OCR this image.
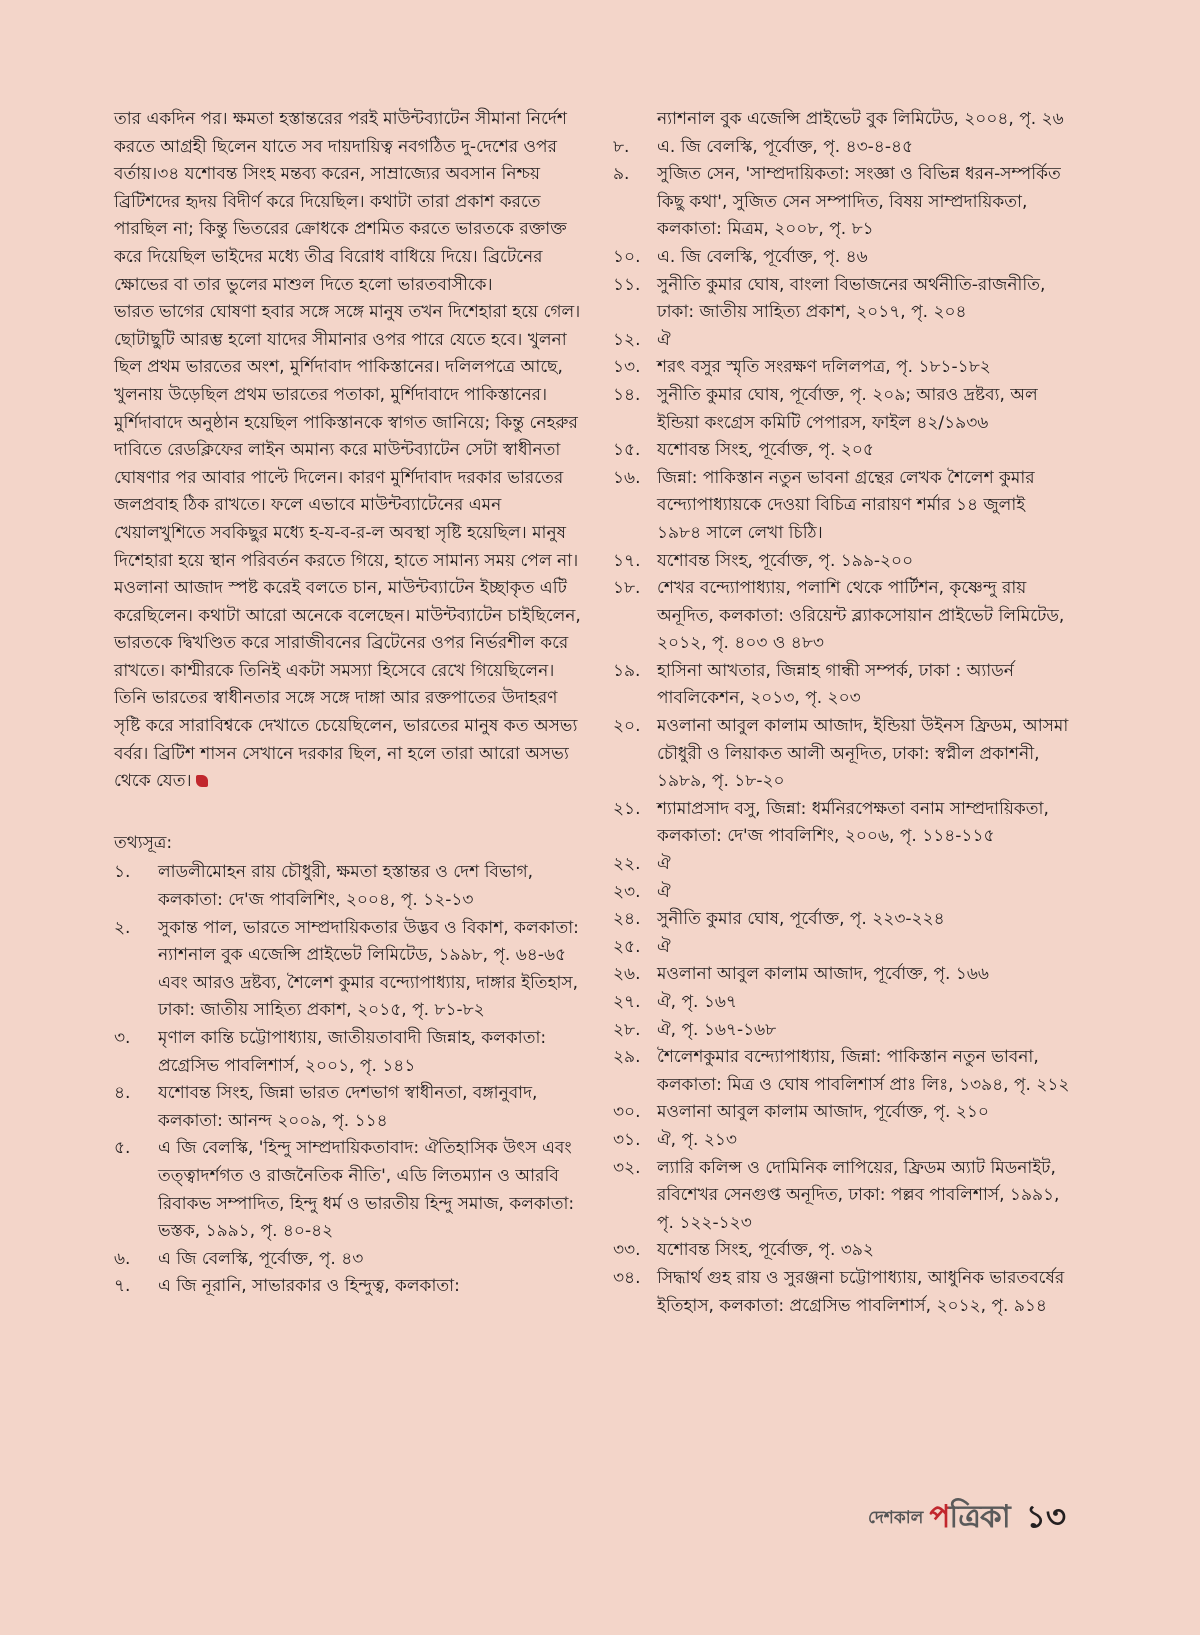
তার একদিন পর। ক্ষমতা হস্তান্তরের পরই মাউন্টব্যাটেন সীমানা নির্দেশ করতে আগ্রহী ছিলেন যাতে সব দায়দায়িত্ব নবগঠিত দু-দেশের ওপর বর্তায়।৩৪ যশোবন্ত সিংহ মন্তব্য করেন, সাম্রাজ্যের অবসান নিশ্চয় ব্রিটিশদের হৃদয় বিদীর্ণ করে দিয়েছিল। কথাটা তারা প্রকাশ করতে পারছিল না; কিন্তু ভিতরের ক্রোধকে প্রশমিত করতে ভারতকে রক্তাক্ত করে দিয়েছিল ভাইদের মধ্যে তীব্র বিরোধ বাধিয়ে দিয়ে। ব্রিটেনের ক্ষোভের বা তার ভুলের মাশুল দিতে হলো ভারতবাসীকে।

ভারত ভাগের ঘোষণা হবার সঙ্গে সঙ্গে মানুষ তখন দিশেহারা হয়ে গেল। ছোটাছুটি আরম্ভ হলো যাদের সীমানার ওপর পারে যেতে হবে। খুলনা ছিল প্রথম ভারতের অংশ, মুর্শিদাবাদ পাকিস্তানের। দলিলপত্রে আছে, খুলনায় উড়েছিল প্রথম ভারতের পতাকা, মুর্শিদাবাদে পাকিস্তানের। মুর্শিদাবাদে অনুষ্ঠান হয়েছিল পাকিস্তানকে স্বাগত জানিয়ে; কিন্তু নেহরুর দাবিতে রেডক্লিফের লাইন অমান্য করে মাউন্টব্যাটেন সেটা স্বাধীনতা ঘোষণার পর আবার পাল্টে দিলেন। কারণ মুর্শিদাবাদ দরকার ভারতের জলপ্রবাহ ঠিক রাখতে। ফলে এভাবে মাউন্টব্যাটেনের এমন খেয়ালখুশিতে সবকিছুর মধ্যে হ-য-ব-র-ল অবস্থা সৃষ্টি হয়েছিল। মানুষ দিশেহারা হয়ে স্থান পরিবর্তন করতে গিয়ে, হাতে সামান্য সময় পেল না। মওলানা আজাদ স্পষ্ট করেই বলতে চান, মাউন্টব্যাটেন ইচ্ছাকৃত এটি করেছিলেন। কথাটা আরো অনেকে বলেছেন। মাউন্টব্যাটেন চাইছিলেন, ভারতকে দ্বিখণ্ডিত করে সারাজীবনের ব্রিটেনের ওপর নির্ভরশীল করে রাখতে। কাশ্মীরকে তিনিই একটা সমস্যা হিসেবে রেখে গিয়েছিলেন। তিনি ভারতের স্বাধীনতার সঙ্গে সঙ্গে দাঙ্গা আর রক্তপাতের উদাহরণ সৃষ্টি করে সারাবিশ্বকে দেখাতে চেয়েছিলেন, ভারতের মানুষ কত অসভ্য বর্বর। ব্রিটিশ শাসন সেখানে দরকার ছিল, না হলে তারা আরো অসভ্য থেকে যেত।

তথ্যসূত্র:
১.	লাডলীমোহন রায় চৌধুরী, ক্ষমতা হস্তান্তর ও দেশ বিভাগ, কলকাতা: দে'জ পাবলিশিং, ২০০৪, পৃ. ১২-১৩
২.	সুকান্ত পাল, ভারতে সাম্প্রদায়িকতার উদ্ভব ও বিকাশ, কলকাতা: ন্যাশনাল বুক এজেন্সি প্রাইভেট লিমিটেড, ১৯৯৮, পৃ. ৬৪-৬৫ এবং আরও দ্রষ্টব্য, শৈলেশ কুমার বন্দ্যোপাধ্যায়, দাঙ্গার ইতিহাস, ঢাকা: জাতীয় সাহিত্য প্রকাশ, ২০১৫, পৃ. ৮১-৮২
৩.	মৃণাল কান্তি চট্টোপাধ্যায়, জাতীয়তাবাদী জিন্নাহ, কলকাতা: প্রগ্রেসিভ পাবলিশার্স, ২০০১, পৃ. ১৪১
৪.	যশোবন্ত সিংহ, জিন্না ভারত দেশভাগ স্বাধীনতা, বঙ্গানুবাদ, কলকাতা: আনন্দ ২০০৯, পৃ. ১১৪
৫.	এ জি বেলস্কি, 'হিন্দু সাম্প্রদায়িকতাবাদ: ঐতিহাসিক উৎস এবং তত্ত্বাদর্শগত ও রাজনৈতিক নীতি', এডি লিতম্যান ও আরবি রিবাকভ সম্পাদিত, হিন্দু ধর্ম ও ভারতীয় হিন্দু সমাজ, কলকাতা: ভস্তক, ১৯৯১, পৃ. ৪০-৪২
৬.	এ জি বেলস্কি, পূর্বোক্ত, পৃ. ৪৩
৭.	এ জি নূরানি, সাভারকার ও হিন্দুত্ব, কলকাতা:
ন্যাশনাল বুক এজেন্সি প্রাইভেট বুক লিমিটেড, ২০০৪, পৃ. ২৬
৮.	এ. জি বেলস্কি, পূর্বোক্ত, পৃ. ৪৩-৪-৪৫
৯.	সুজিত সেন, 'সাম্প্রদায়িকতা: সংজ্ঞা ও বিভিন্ন ধরন-সম্পর্কিত কিছু কথা', সুজিত সেন সম্পাদিত, বিষয় সাম্প্রদায়িকতা, কলকাতা: মিত্রম, ২০০৮, পৃ. ৮১
১০. এ. জি বেলস্কি, পূর্বোক্ত, পৃ. ৪৬
১১. সুনীতি কুমার ঘোষ, বাংলা বিভাজনের অর্থনীতি-রাজনীতি, ঢাকা: জাতীয় সাহিত্য প্রকাশ, ২০১৭, পৃ. ২০৪
১২. ঐ
১৩. শরৎ বসুর স্মৃতি সংরক্ষণ দলিলপত্র, পৃ. ১৮১-১৮২
১৪. সুনীতি কুমার ঘোষ, পূর্বোক্ত, পৃ. ২০৯; আরও দ্রষ্টব্য, অল ইন্ডিয়া কংগ্রেস কমিটি পেপারস, ফাইল ৪২/১৯৩৬
১৫. যশোবন্ত সিংহ, পূর্বোক্ত, পৃ. ২০৫
১৬. জিন্না: পাকিস্তান নতুন ভাবনা গ্রন্থের লেখক শৈলেশ কুমার বন্দ্যোপাধ্যায়কে দেওয়া বিচিত্র নারায়ণ শর্মার ১৪ জুলাই ১৯৮৪ সালে লেখা চিঠি।
১৭. যশোবন্ত সিংহ, পূর্বোক্ত, পৃ. ১৯৯-২০০
১৮. শেখর বন্দ্যোপাধ্যায়, পলাশি থেকে পার্টিশন, কৃষ্ণেন্দু রায় অনূদিত, কলকাতা: ওরিয়েন্ট ব্ল্যাকসোয়ান প্রাইভেট লিমিটেড, ২০১২, পৃ. ৪০৩ ও ৪৮৩
১৯. হাসিনা আখতার, জিন্নাহ গান্ধী সম্পর্ক, ঢাকা : অ্যাডর্ন পাবলিকেশন, ২০১৩, পৃ. ২০৩
২০. মওলানা আবুল কালাম আজাদ, ইন্ডিয়া উইনস ফ্রিডম, আসমা চৌধুরী ও লিয়াকত আলী অনূদিত, ঢাকা: স্বপ্নীল প্রকাশনী, ১৯৮৯, পৃ. ১৮-২০
২১. শ্যামাপ্রসাদ বসু, জিন্না: ধর্মনিরপেক্ষতা বনাম সাম্প্রদায়িকতা, কলকাতা: দে'জ পাবলিশিং, ২০০৬, পৃ. ১১৪-১১৫
২২. ঐ
২৩. ঐ
২৪. সুনীতি কুমার ঘোষ, পূর্বোক্ত, পৃ. ২২৩-২২৪
২৫. ঐ
২৬. মওলানা আবুল কালাম আজাদ, পূর্বোক্ত, পৃ. ১৬৬
২৭. ঐ, পৃ. ১৬৭
২৮. ঐ, পৃ. ১৬৭-১৬৮
২৯. শৈলেশকুমার বন্দ্যোপাধ্যায়, জিন্না: পাকিস্তান নতুন ভাবনা, কলকাতা: মিত্র ও ঘোষ পাবলিশার্স প্রাঃ লিঃ, ১৩৯৪, পৃ. ২১২
৩০. মওলানা আবুল কালাম আজাদ, পূর্বোক্ত, পৃ. ২১০
৩১. ঐ, পৃ. ২১৩
৩২. ল্যারি কলিন্স ও দোমিনিক লাপিয়ের, ফ্রিডম অ্যাট মিডনাইট, রবিশেখর সেনগুপ্ত অনূদিত, ঢাকা: পল্লব পাবলিশার্স, ১৯৯১, পৃ. ১২২-১২৩
৩৩. যশোবন্ত সিংহ, পূর্বোক্ত, পৃ. ৩৯২
৩৪. সিদ্ধার্থ গুহ রায় ও সুরঞ্জনা চট্টোপাধ্যায়, আধুনিক ভারতবর্ষের ইতিহাস, কলকাতা: প্রগ্রেসিভ পাবলিশার্স, ২০১২, পৃ. ৯১৪
দেশকাল পত্রিকা ১৩
